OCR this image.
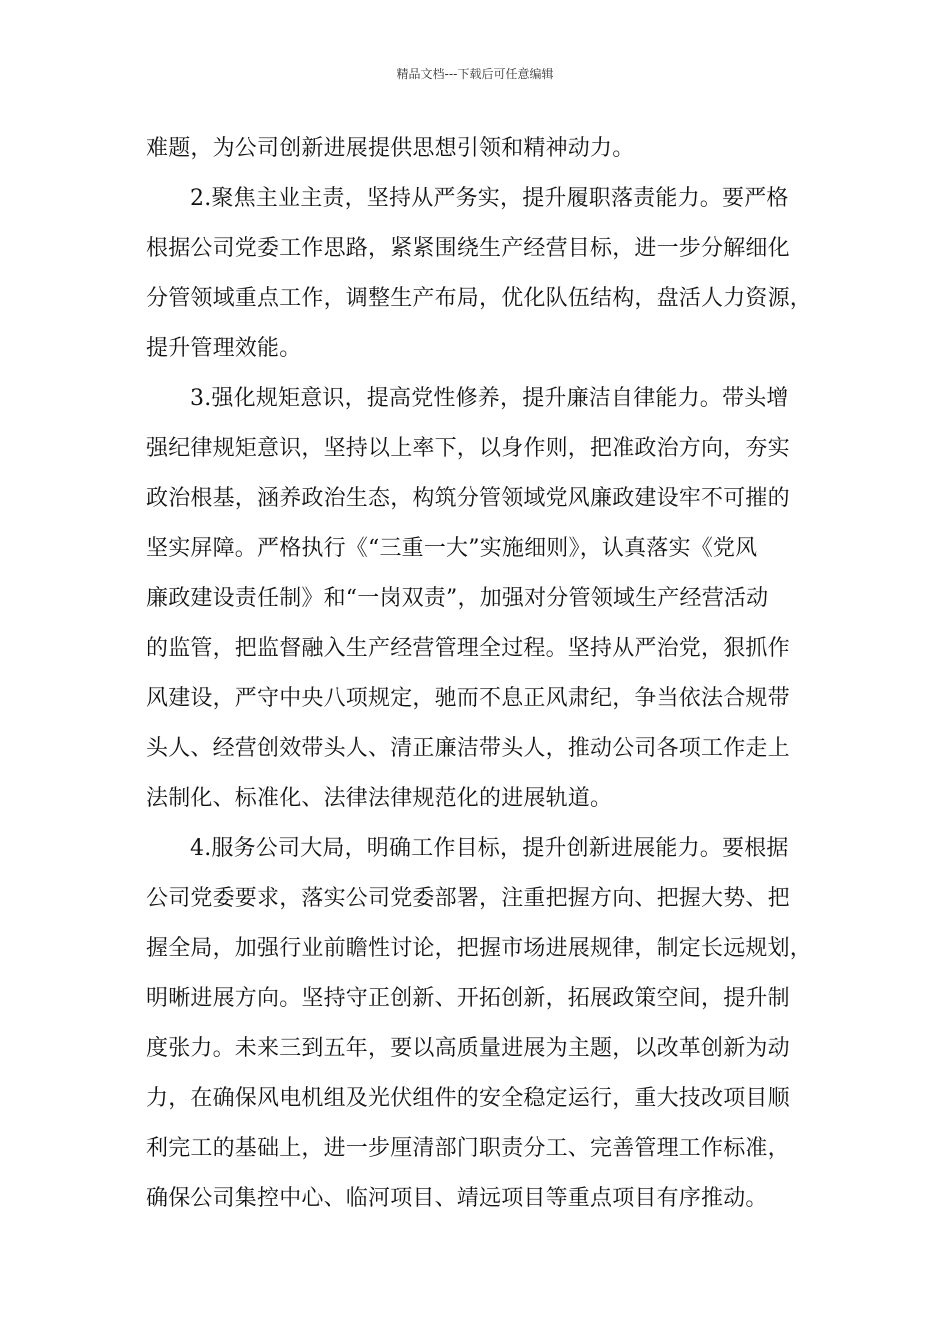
精品文档---下载后可任意编辑
难题，为公司创新进展提供思想引领和精神动力。
2.聚焦主业主责，坚持从严务实，提升履职落责能力。要严格
根据公司党委工作思路，紧紧围绕生产经营目标，进一步分解细化
分管领域重点工作，调整生产布局，优化队伍结构，盘活人力资源，
提升管理效能。
3.强化规矩意识，提高党性修养，提升廉洁自律能力。带头增
强纪律规矩意识，坚持以上率下，以身作则，把准政治方向，夯实
政治根基，涵养政治生态，构筑分管领域党风廉政建设牢不可摧的
坚实屏障。严格执行《“三重一大”实施细则》，认真落实《党风
廉政建设责任制》和“一岗双责”，加强对分管领域生产经营活动
的监管，把监督融入生产经营管理全过程。坚持从严治党，狠抓作
风建设，严守中央八项规定，驰而不息正风肃纪，争当依法合规带
头人、经营创效带头人、清正廉洁带头人，推动公司各项工作走上
法制化、标准化、法律法律规范化的进展轨道。
4.服务公司大局，明确工作目标，提升创新进展能力。要根据
公司党委要求，落实公司党委部署，注重把握方向、把握大势、把
握全局，加强行业前瞻性讨论，把握市场进展规律，制定长远规划，
明晰进展方向。坚持守正创新、开拓创新，拓展政策空间，提升制
度张力。未来三到五年，要以高质量进展为主题，以改革创新为动
力，在确保风电机组及光伏组件的安全稳定运行，重大技改项目顺
利完工的基础上，进一步厘清部门职责分工、完善管理工作标准，
确保公司集控中心、临河项目、靖远项目等重点项目有序推动。
